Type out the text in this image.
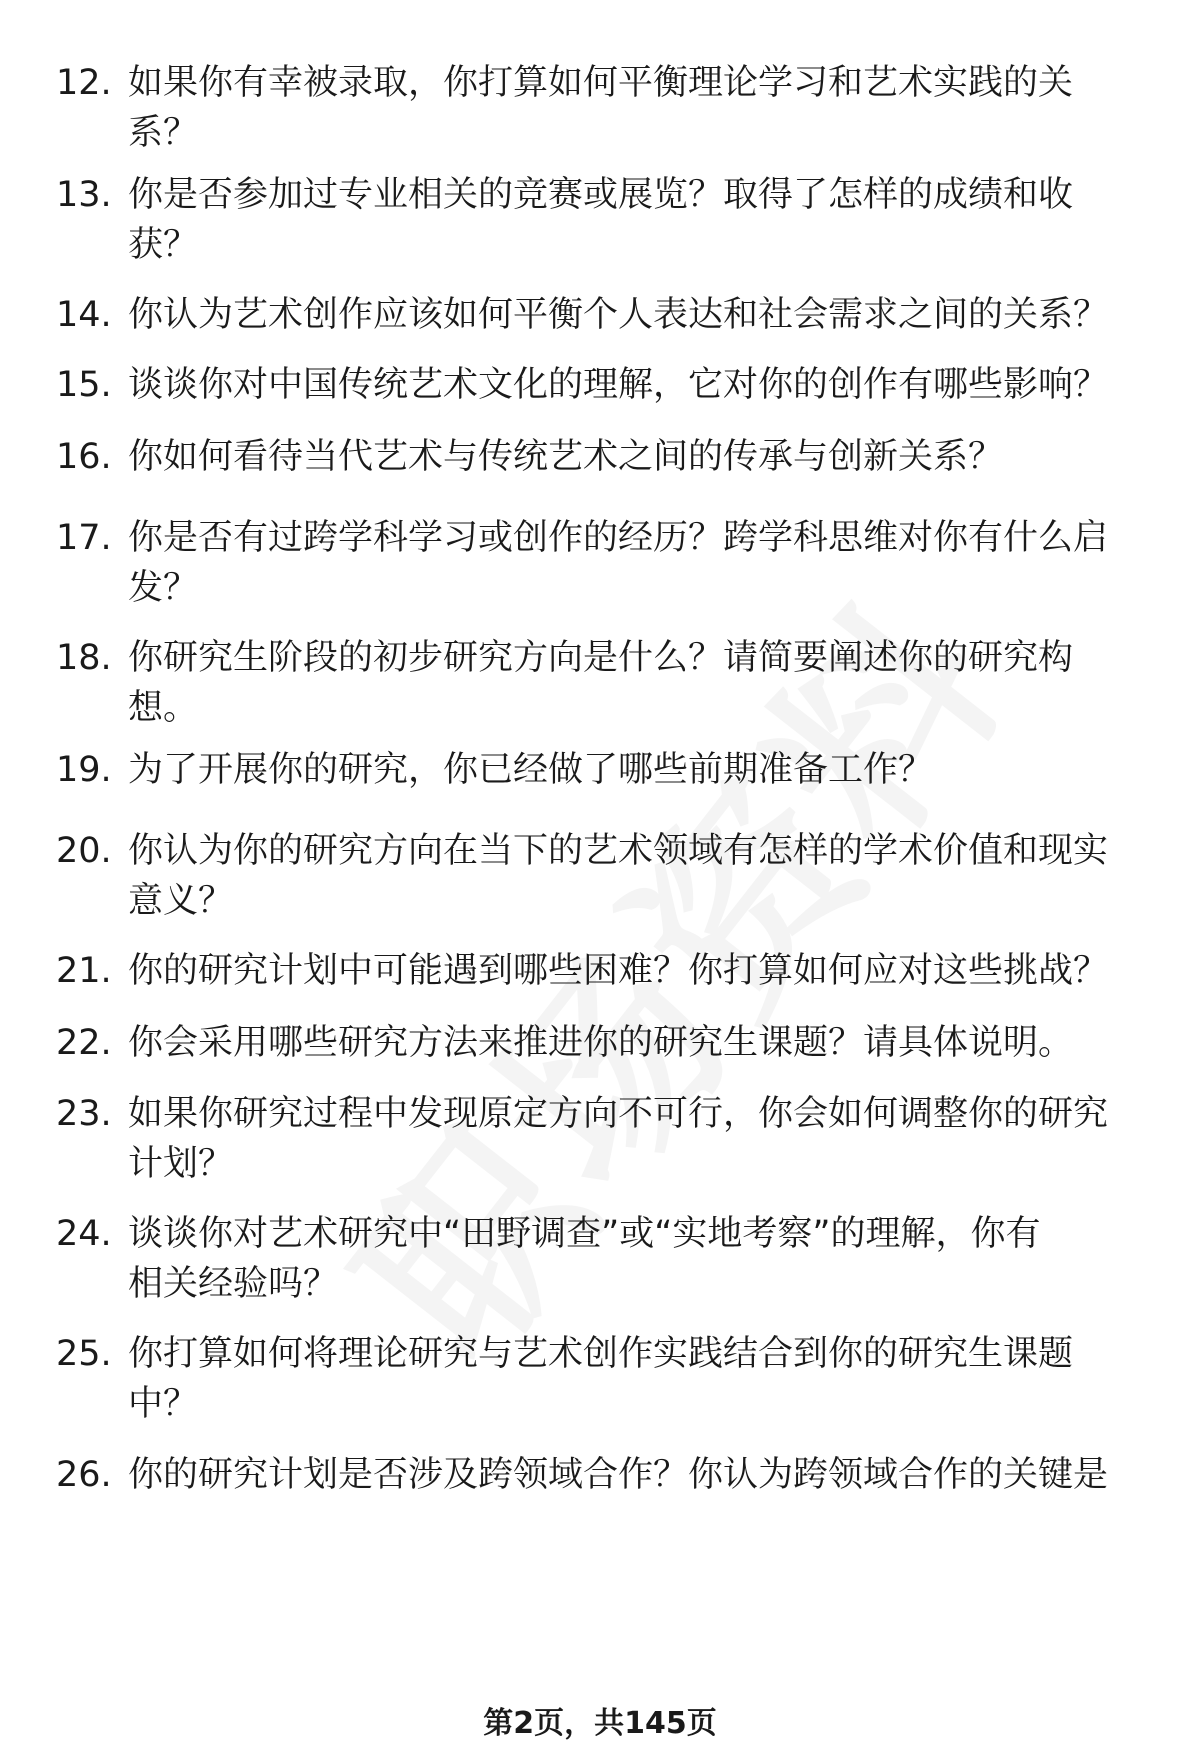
12. 如果你有幸被录取，你打算如何平衡理论学习和艺术实践的关
系？
13. 你是否参加过专业相关的竞赛或展览？取得了怎样的成绩和收
获？
14. 你认为艺术创作应该如何平衡个人表达和社会需求之间的关系？
15. 谈谈你对中国传统艺术文化的理解，它对你的创作有哪些影响？
16. 你如何看待当代艺术与传统艺术之间的传承与创新关系？
17. 你是否有过跨学科学习或创作的经历？跨学科思维对你有什么启
发？
18. 你研究生阶段的初步研究方向是什么？请简要阐述你的研究构
想。
19. 为了开展你的研究，你已经做了哪些前期准备工作？
20. 你认为你的研究方向在当下的艺术领域有怎样的学术价值和现实
意义？
21. 你的研究计划中可能遇到哪些困难？你打算如何应对这些挑战？
22. 你会采用哪些研究方法来推进你的研究生课题？请具体说明。
23. 如果你研究过程中发现原定方向不可行，你会如何调整你的研究
计划？
24. 谈谈你对艺术研究中“田野调查”或“实地考察”的理解，你有
相关经验吗？
25. 你打算如何将理论研究与艺术创作实践结合到你的研究生课题
中？
26. 你的研究计划是否涉及跨领域合作？你认为跨领域合作的关键是
第2页，共145页
